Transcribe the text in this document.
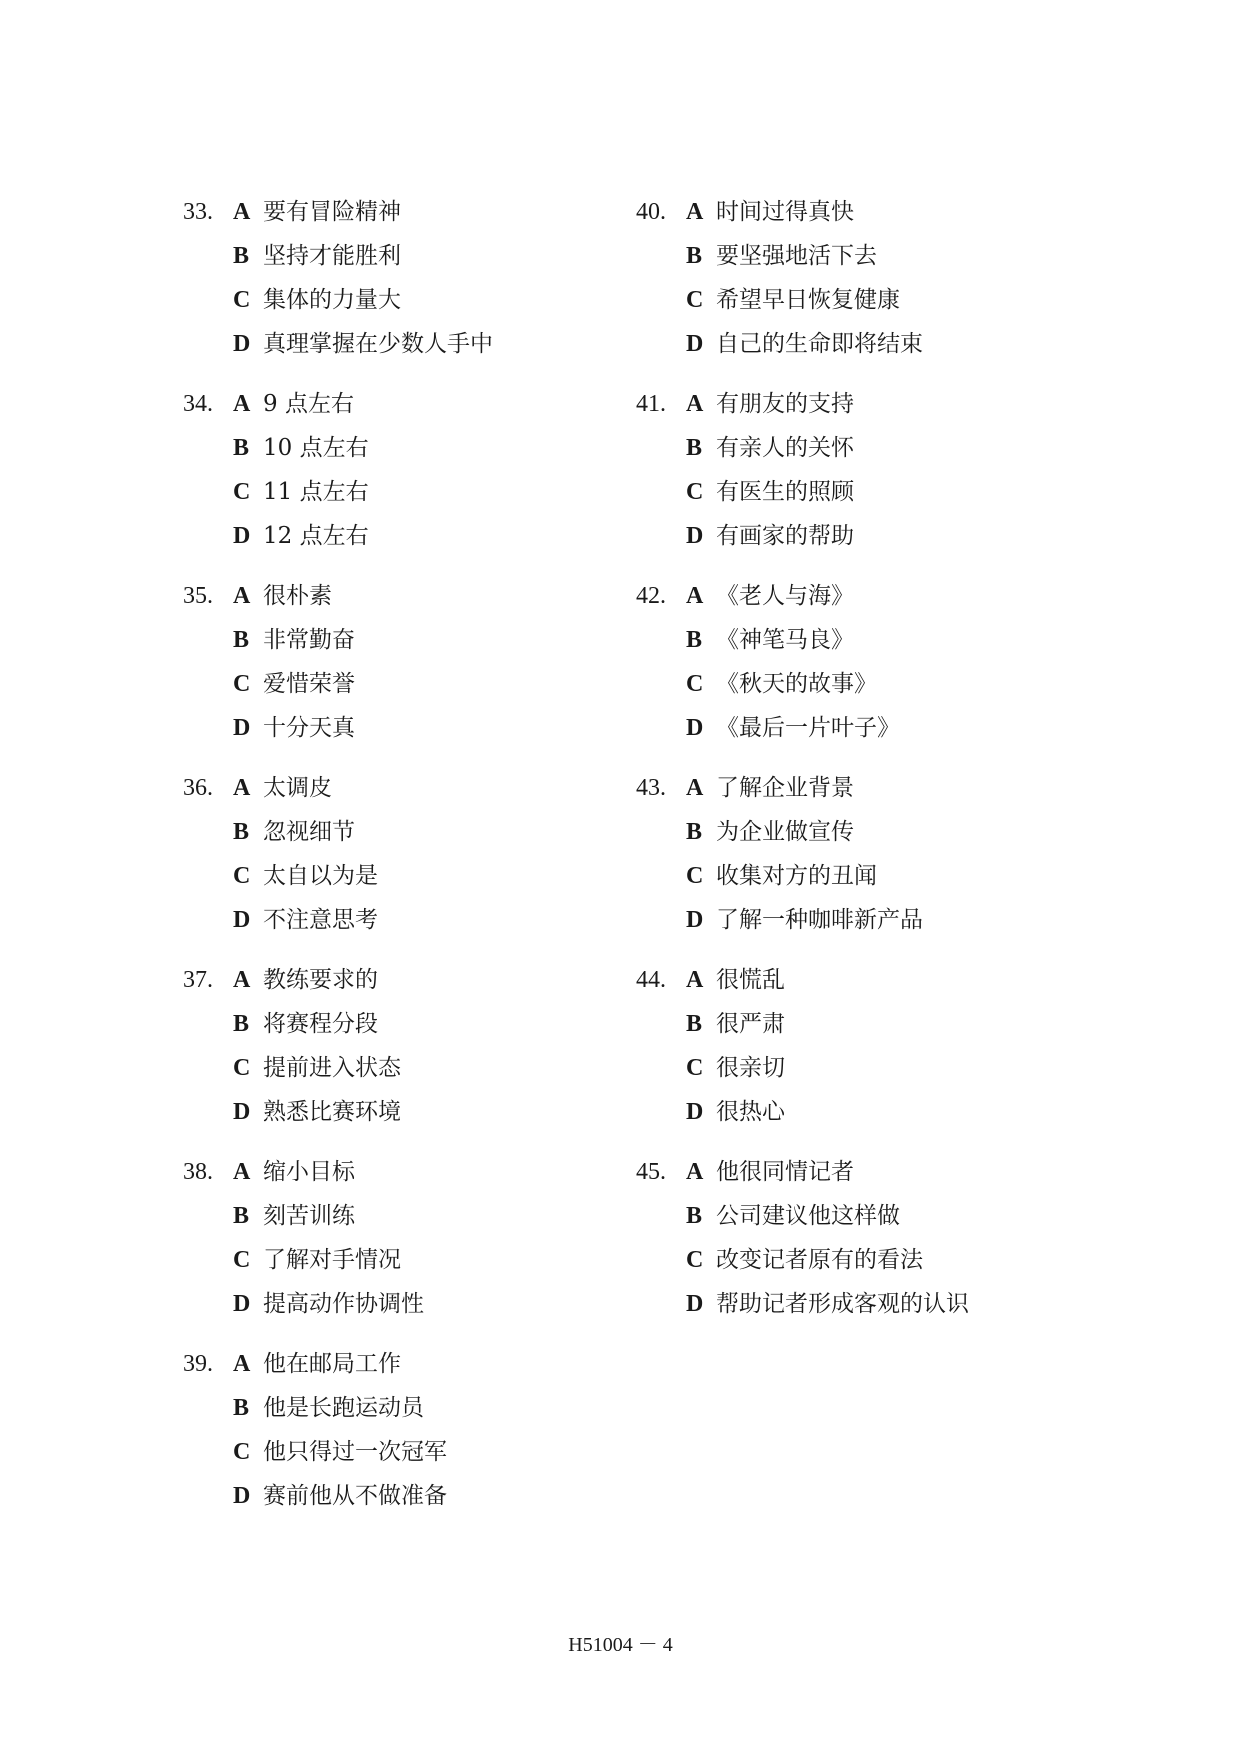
33. A 要有冒险精神
B 坚持才能胜利
C 集体的力量大
D 真理掌握在少数人手中
34. A 9 点左右
B 10 点左右
C 11 点左右
D 12 点左右
35. A 很朴素
B 非常勤奋
C 爱惜荣誉
D 十分天真
36. A 太调皮
B 忽视细节
C 太自以为是
D 不注意思考
37. A 教练要求的
B 将赛程分段
C 提前进入状态
D 熟悉比赛环境
38. A 缩小目标
B 刻苦训练
C 了解对手情况
D 提高动作协调性
39. A 他在邮局工作
B 他是长跑运动员
C 他只得过一次冠军
D 赛前他从不做准备
40. A 时间过得真快
B 要坚强地活下去
C 希望早日恢复健康
D 自己的生命即将结束
41. A 有朋友的支持
B 有亲人的关怀
C 有医生的照顾
D 有画家的帮助
42. A 《老人与海》
B 《神笔马良》
C 《秋天的故事》
D 《最后一片叶子》
43. A 了解企业背景
B 为企业做宣传
C 收集对方的丑闻
D 了解一种咖啡新产品
44. A 很慌乱
B 很严肃
C 很亲切
D 很热心
45. A 他很同情记者
B 公司建议他这样做
C 改变记者原有的看法
D 帮助记者形成客观的认识
H51004 － 4
